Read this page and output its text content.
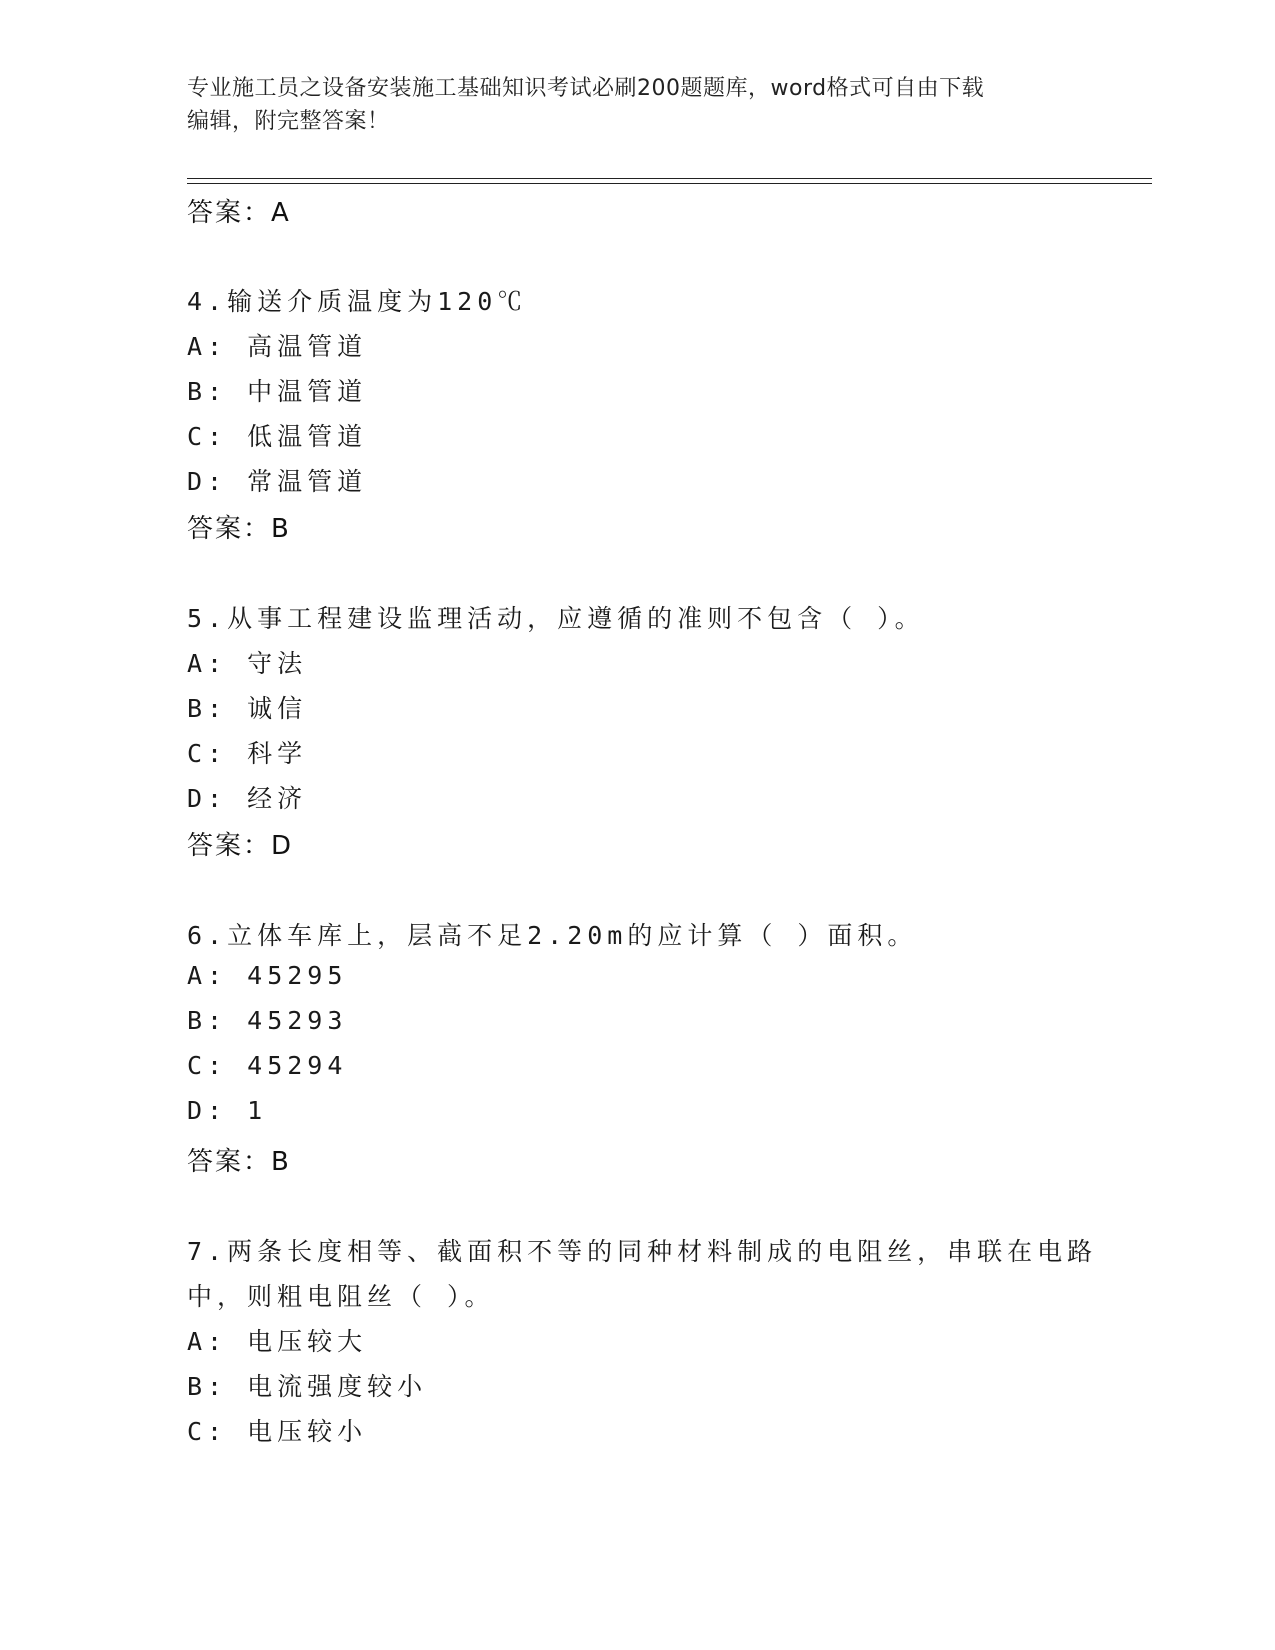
专业施工员之设备安装施工基础知识考试必刷200题题库，word格式可自由下载
编辑，附完整答案！
答案：A
4.输送介质温度为120℃
A: 高温管道
B: 中温管道
C: 低温管道
D: 常温管道
答案：B
5.从事工程建设监理活动，应遵循的准则不包含（ ）。
A: 守法
B: 诚信
C: 科学
D: 经济
答案：D
6.立体车库上，层高不足2.20m的应计算（ ）面积。
A: 45295
B: 45293
C: 45294
D: 1
答案：B
7.两条长度相等、截面积不等的同种材料制成的电阻丝，串联在电路
中，则粗电阻丝（ ）。
A: 电压较大
B: 电流强度较小
C: 电压较小
